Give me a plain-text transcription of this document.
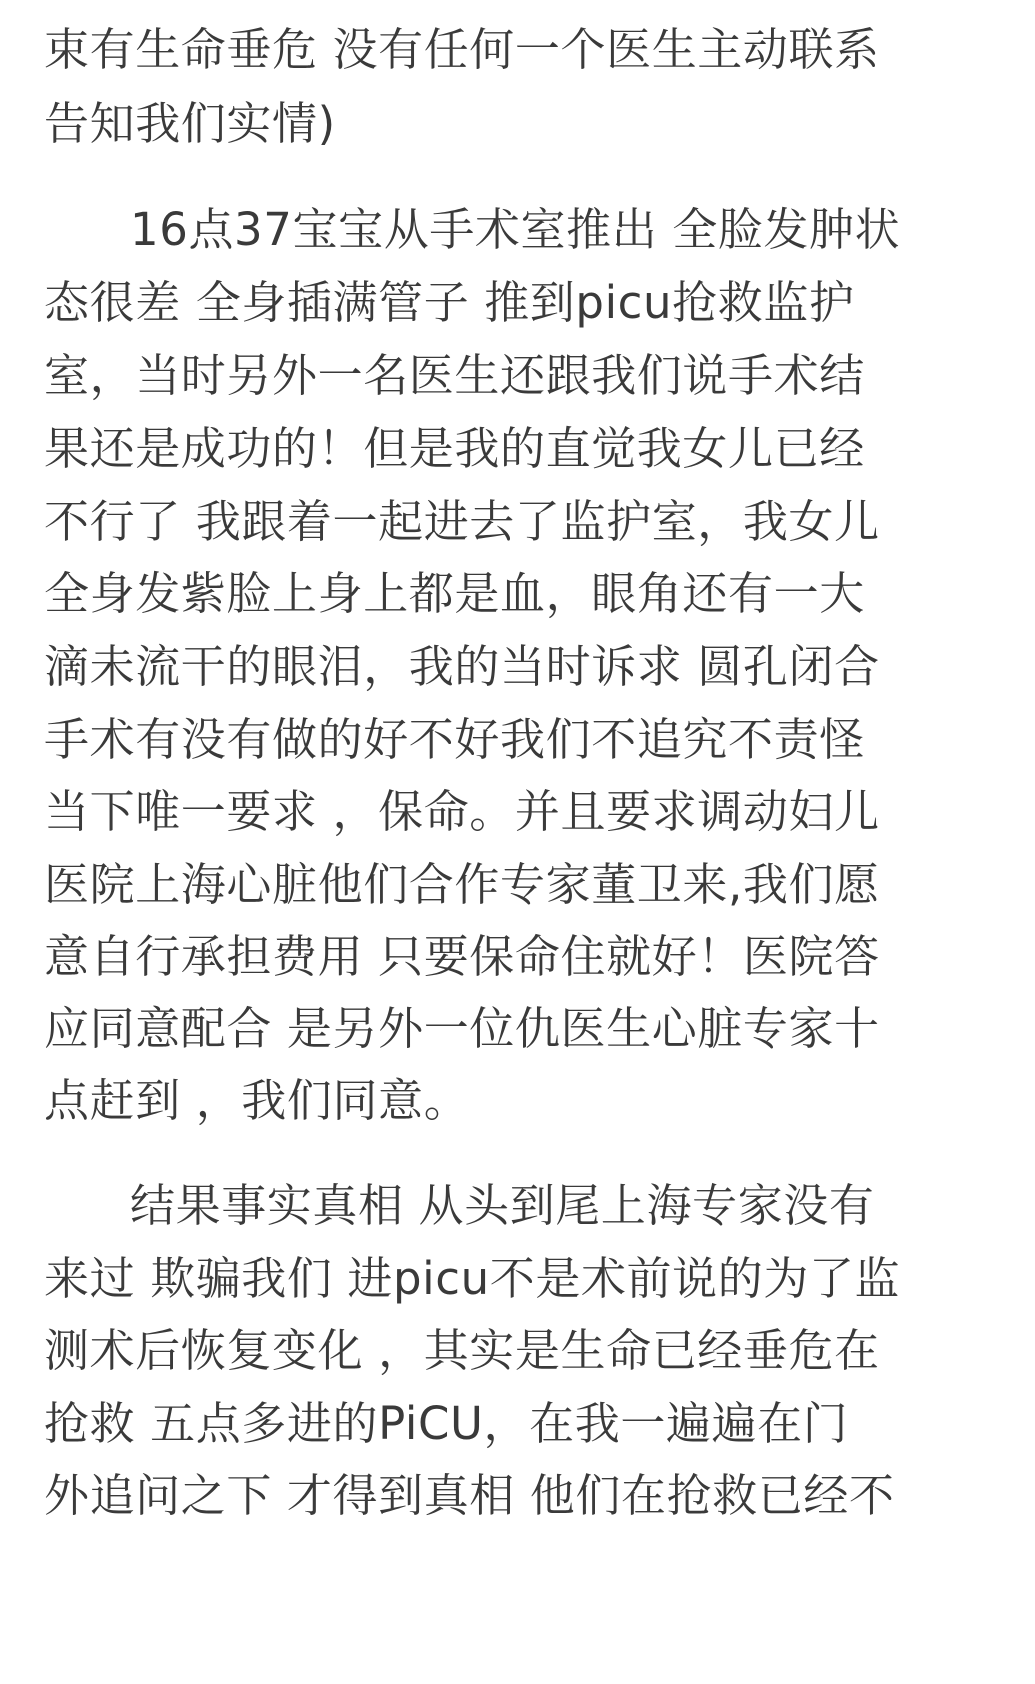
束有生命垂危 没有任何一个医生主动联系

告知我们实情)

16点37宝宝从手术室推出 全脸发肿状

态很差 全身插满管子 推到picu抢救监护

室，当时另外一名医生还跟我们说手术结

果还是成功的！但是我的直觉我女儿已经

不行了 我跟着一起进去了监护室，我女儿

全身发紫脸上身上都是血，眼角还有一大

滴未流干的眼泪，我的当时诉求 圆孔闭合

手术有没有做的好不好我们不追究不责怪

当下唯一要求 ，保命。并且要求调动妇儿

医院上海心脏他们合作专家董卫来,我们愿

意自行承担费用 只要保命住就好！医院答

应同意配合 是另外一位仇医生心脏专家十

点赶到 ，我们同意。

结果事实真相 从头到尾上海专家没有

来过 欺骗我们 进picu不是术前说的为了监

测术后恢复变化 ，其实是生命已经垂危在

抢救 五点多进的PiCU，在我一遍遍在门

外追问之下 才得到真相 他们在抢救已经不
